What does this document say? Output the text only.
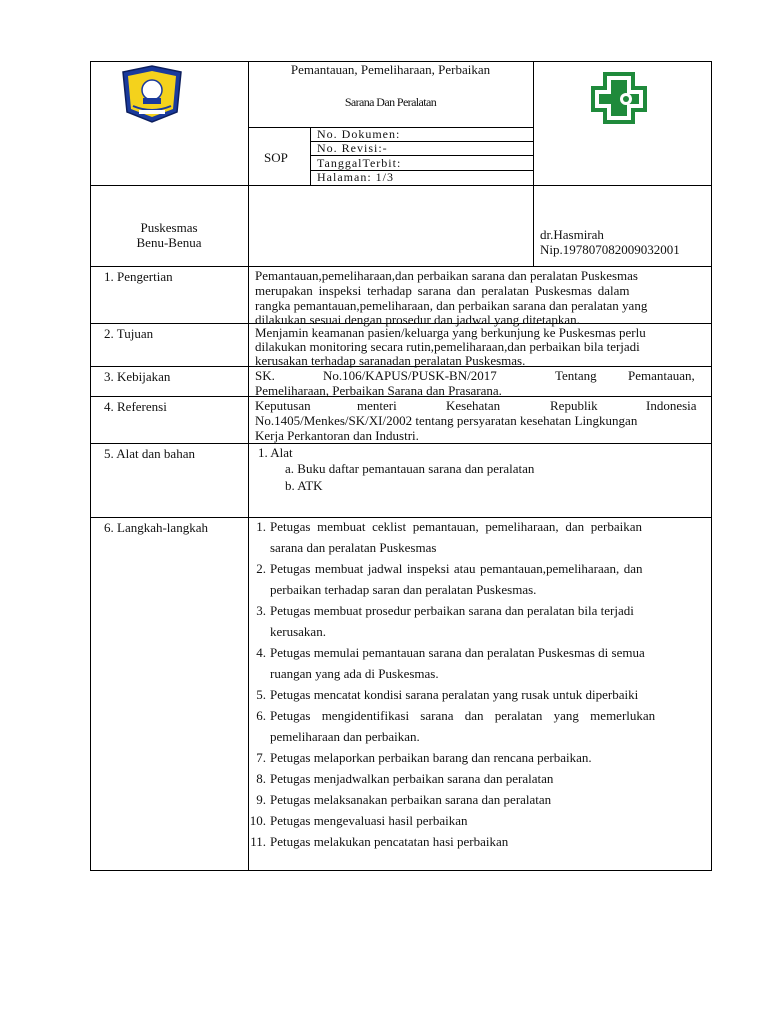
Pemantauan, Pemeliharaan, Perbaikan
Sarana Dan Peralatan
SOP
No. Dokumen:
No. Revisi:-
TanggalTerbit:
Halaman: 1/3
Puskesmas
Benu-Benua
dr.Hasmirah
Nip.197807082009032001
1. Pengertian	Pemantauan,pemeliharaan,dan perbaikan sarana dan peralatan Puskesmas
merupakan inspeksi terhadap sarana dan peralatan Puskesmas dalam
rangka pemantauan,pemeliharaan, dan perbaikan sarana dan peralatan yang
dilakukan sesuai dengan prosedur dan jadwal yang ditetapkan.
2. Tujuan	Menjamin keamanan pasien/keluarga yang berkunjung ke Puskesmas perlu
dilakukan monitoring secara rutin,pemeliharaan,dan perbaikan bila terjadi
kerusakan terhadap saranadan peralatan Puskesmas.
3. Kebijakan	SK.	No.106/KAPUS/PUSK-BN/2017	Tentang Pemantauan,
Pemeliharaan, Perbaikan Sarana dan Prasarana.
4. Referensi	Keputusan	menteri	Kesehatan	Republik	Indonesia
No.1405/Menkes/SK/XI/2002 tentang persyaratan kesehatan Lingkungan
Kerja Perkantoran dan Industri.
5. Alat dan bahan	1. Alat
a. Buku daftar pemantauan sarana dan peralatan
b. ATK
6. Langkah-langkah	1. Petugas membuat ceklist pemantauan, pemeliharaan, dan perbaikan
sarana dan peralatan Puskesmas
2. Petugas membuat jadwal inspeksi atau pemantauan,pemeliharaan, dan
perbaikan terhadap saran dan peralatan Puskesmas.
3. Petugas membuat prosedur perbaikan sarana dan peralatan bila terjadi
kerusakan.
4. Petugas memulai pemantauan sarana dan peralatan Puskesmas di semua
ruangan yang ada di Puskesmas.
5. Petugas mencatat kondisi sarana peralatan yang rusak untuk diperbaiki
6. Petugas mengidentifikasi sarana dan peralatan yang memerlukan
pemeliharaan dan perbaikan.
7. Petugas melaporkan perbaikan barang dan rencana perbaikan.
8. Petugas menjadwalkan perbaikan sarana dan peralatan
9. Petugas melaksanakan perbaikan sarana dan peralatan
10. Petugas mengevaluasi hasil perbaikan
11. Petugas melakukan pencatatan hasi perbaikan
